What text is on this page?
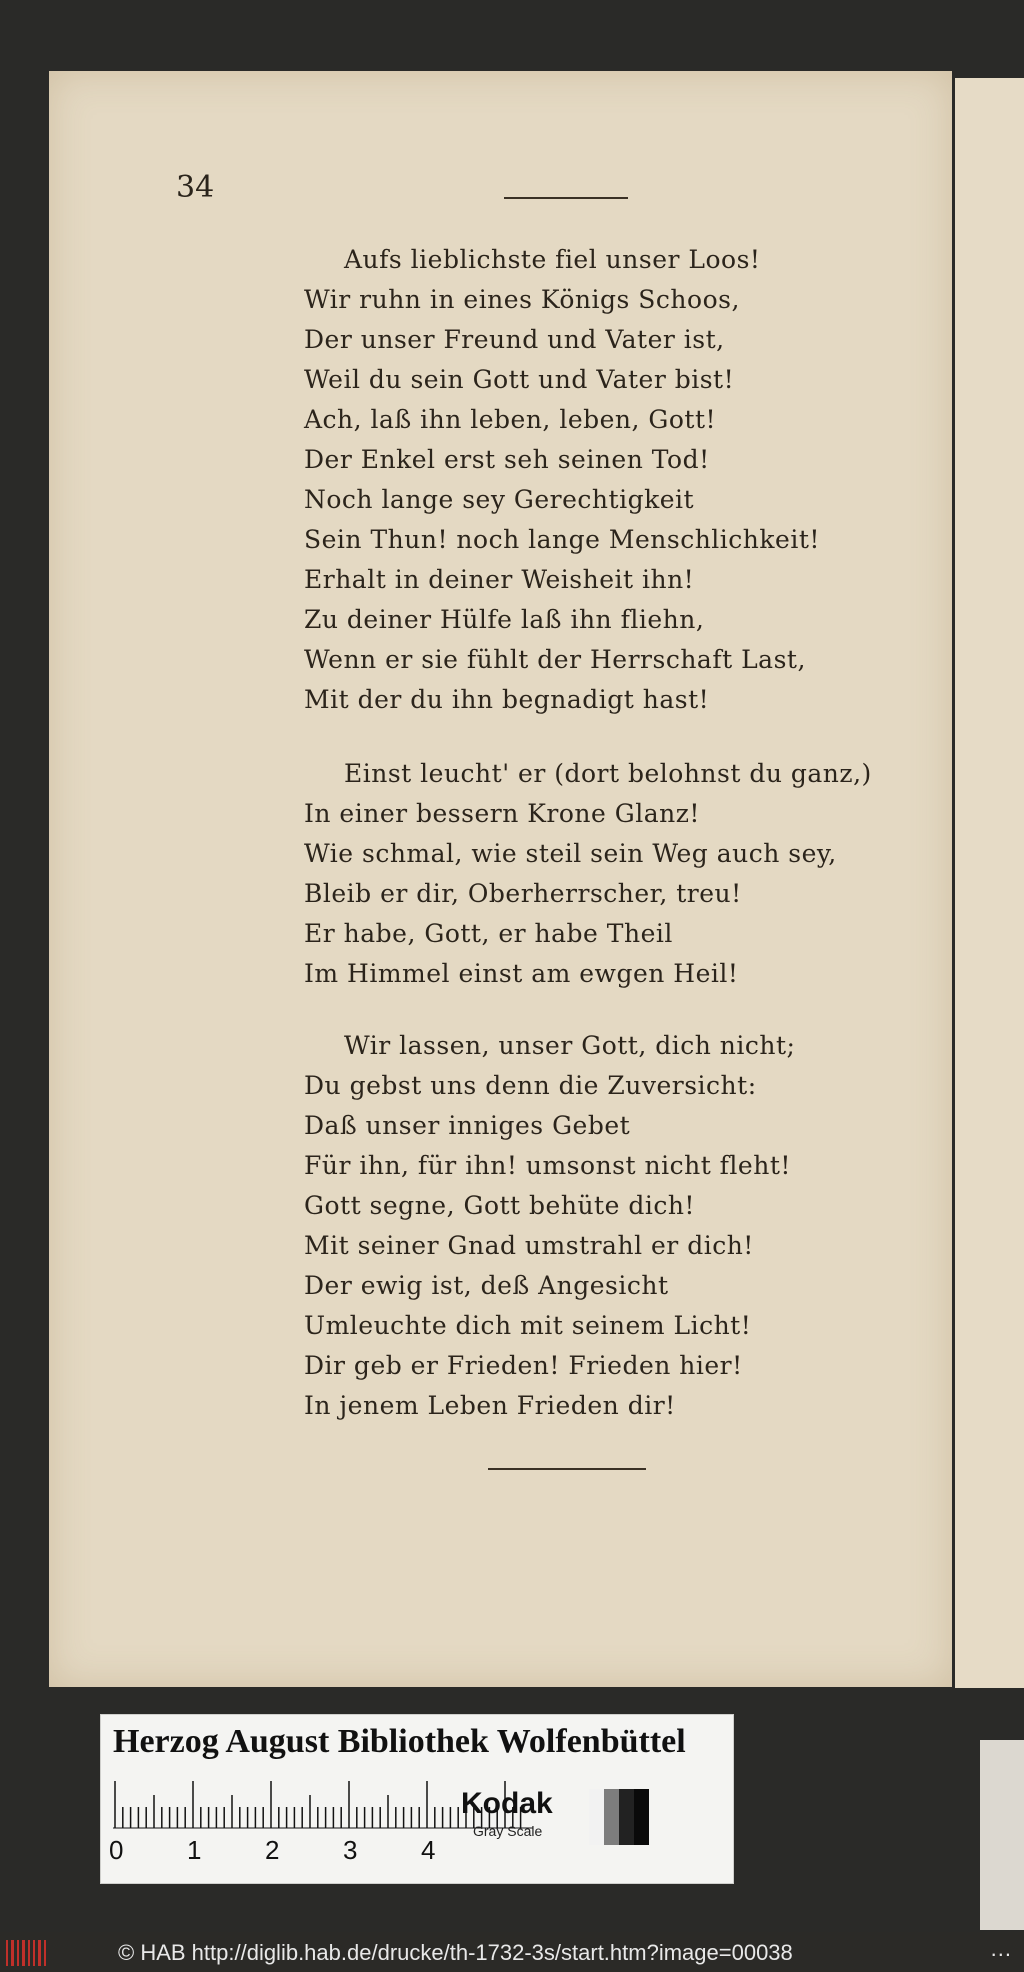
34
Aufs lieblichste fiel unser Loos!
Wir ruhn in eines Königs Schoos,
Der unser Freund und Vater ist,
Weil du sein Gott und Vater bist!
Ach, laß ihn leben, leben, Gott!
Der Enkel erst seh seinen Tod!
Noch lange sey Gerechtigkeit
Sein Thun! noch lange Menschlichkeit!
Erhalt in deiner Weisheit ihn!
Zu deiner Hülfe laß ihn fliehn,
Wenn er sie fühlt der Herrschaft Last,
Mit der du ihn begnadigt hast!
Einst leucht' er (dort belohnst du ganz,)
In einer bessern Krone Glanz!
Wie schmal, wie steil sein Weg auch sey,
Bleib er dir, Oberherrscher, treu!
Er habe, Gott, er habe Theil
Im Himmel einst am ewgen Heil!
Wir lassen, unser Gott, dich nicht;
Du gebst uns denn die Zuversicht:
Daß unser inniges Gebet
Für ihn, für ihn! umsonst nicht fleht!
Gott segne, Gott behüte dich!
Mit seiner Gnad umstrahl er dich!
Der ewig ist, deß Angesicht
Umleuchte dich mit seinem Licht!
Dir geb er Frieden! Frieden hier!
In jenem Leben Frieden dir!
Herzog August Bibliothek Wolfenbüttel
0 1 2 3 4
Kodak
Gray Scale
© HAB http://diglib.hab.de/drucke/th-1732-3s/start.htm?image=00038	...
